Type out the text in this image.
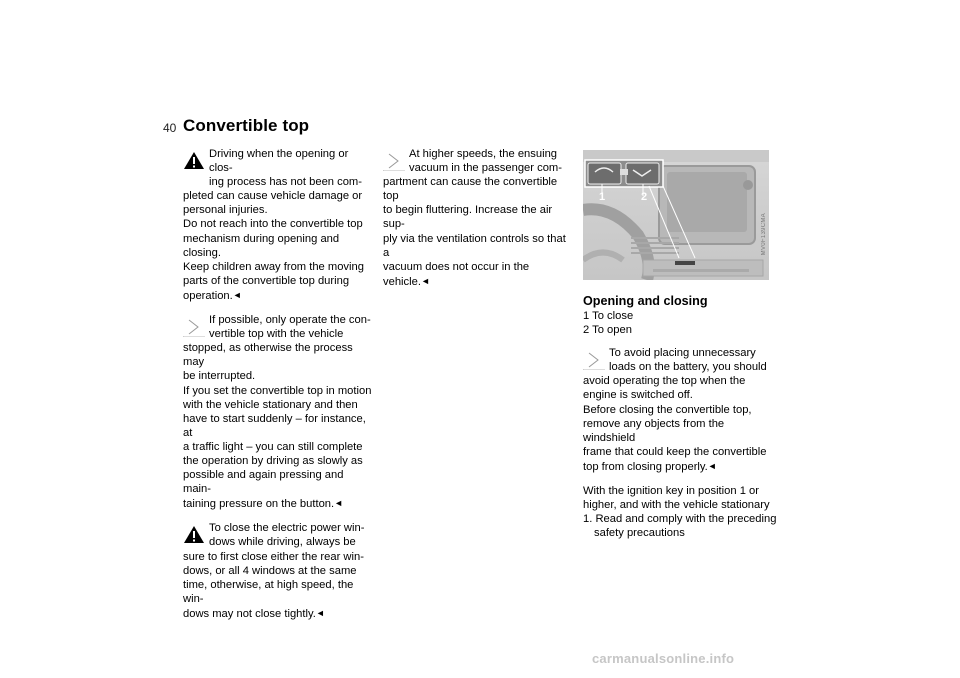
40 Convertible top
Driving when the opening or clos-
ing process has not been com-
pleted can cause vehicle damage or
personal injuries.
Do not reach into the convertible top
mechanism during opening and closing.
Keep children away from the moving
parts of the convertible top during
operation.◄
If possible, only operate the con-
vertible top with the vehicle
stopped, as otherwise the process may
be interrupted.
If you set the convertible top in motion
with the vehicle stationary and then
have to start suddenly – for instance, at
a traffic light – you can still complete
the operation by driving as slowly as
possible and again pressing and main-
taining pressure on the button.◄
To close the electric power win-
dows while driving, always be
sure to first close either the rear win-
dows, or all 4 windows at the same
time, otherwise, at high speed, the win-
dows may not close tightly.◄
At higher speeds, the ensuing
vacuum in the passenger com-
partment can cause the convertible top
to begin fluttering. Increase the air sup-
ply via the ventilation controls so that a
vacuum does not occur in the vehicle.◄
1	2
MV0F139CMA

Opening and closing

1 To close

2 To open

To avoid placing unnecessary
loads on the battery, you should
avoid operating the top when the
engine is switched off.
Before closing the convertible top,
remove any objects from the windshield
frame that could keep the convertible
top from closing properly.◄

With the ignition key in position 1 or

higher, and with the vehicle stationary

1. Read and comply with the preceding

safety precautions

carmanualsonline.info
